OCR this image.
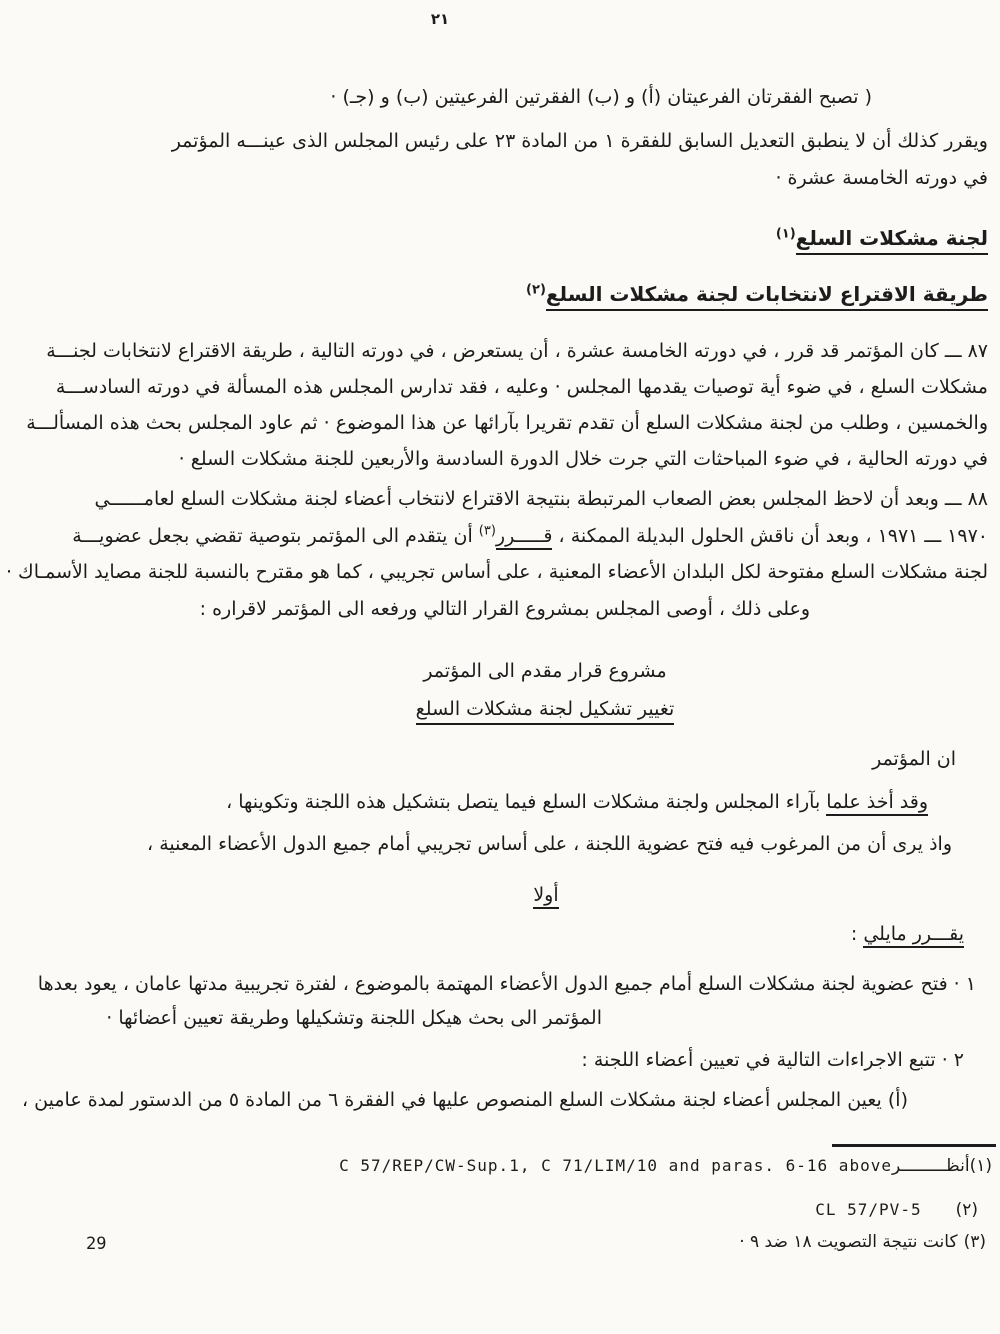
٢١
( تصبح الفقرتان الفرعيتان (أ) و (ب) الفقرتين الفرعيتين (ب) و (جـ) ·
ويقرر كذلك أن لا ينطبق التعديل السابق للفقرة ١ من المادة ٢٣ على رئيس المجلس الذى عينـــه المؤتمر
في دورته الخامسة عشرة ·
لجنة مشكلات السلع$^{(١)}$
طريقة الاقتراع لانتخابات لجنة مشكلات السلع$^{(٢)}$
٨٧ ـــ كان المؤتمر قد قرر ، في دورته الخامسة عشرة ، أن يستعرض ، في دورته التالية ، طريقة الاقتراع لانتخابات لجنـــة
مشكلات السلع ، في ضوء أية توصيات يقدمها المجلس · وعليه ، فقد تدارس المجلس هذه المسألة في دورته السادســـة
والخمسين ، وطلب من لجنة مشكلات السلع أن تقدم تقريرا بآرائها عن هذا الموضوع · ثم عاود المجلس بحث هذه المسألـــة
في دورته الحالية ، في ضوء المباحثات التي جرت خلال الدورة السادسة والأربعين للجنة مشكلات السلع ·
٨٨ ـــ وبعد أن لاحظ المجلس بعض الصعاب المرتبطة بنتيجة الاقتراع لانتخاب أعضاء لجنة مشكلات السلع لعامــــــي
١٩٧٠ ـــ ١٩٧١ ، وبعد أن ناقش الحلول البديلة الممكنة ، قـــــرر$^{(٣)}$ أن يتقدم الى المؤتمر بتوصية تقضي بجعل عضويـــة
لجنة مشكلات السلع مفتوحة لكل البلدان الأعضاء المعنية ، على أساس تجريبي ، كما هو مقترح بالنسبة للجنة مصايد الأسمـاك ·
وعلى ذلك ، أوصى المجلس بمشروع القرار التالي ورفعه الى المؤتمر لاقراره :
مشروع قرار مقدم الى المؤتمر
تغيير تشكيل لجنة مشكلات السلع
ان المؤتمر
وقد أخذ علما بآراء المجلس ولجنة مشكلات السلع فيما يتصل بتشكيل هذه اللجنة وتكوينها ،
واذ يرى أن من المرغوب فيه فتح عضوية اللجنة ، على أساس تجريبي أمام جميع الدول الأعضاء المعنية ،
أولا
يقـــرر مايلي :
١ · فتح عضوية لجنة مشكلات السلع أمام جميع الدول الأعضاء المهتمة بالموضوع ، لفترة تجريبية مدتها عامان ، يعود بعدها
المؤتمر الى بحث هيكل اللجنة وتشكيلها وطريقة تعيين أعضائها ·
٢ · تتبع الاجراءات التالية في تعيين أعضاء اللجنة :
(أ) يعين المجلس أعضاء لجنة مشكلات السلع المنصوص عليها في الفقرة ٦ من المادة ٥ من الدستور لمدة عامين ،
(١)أنظـــــــــرC 57/REP/CW-Sup.1, C 71/LIM/10 and paras. 6-16 above
(٢)CL 57/PV-5
(٣)كانت نتيجة التصويت ١٨ ضد ٩ ·
29
